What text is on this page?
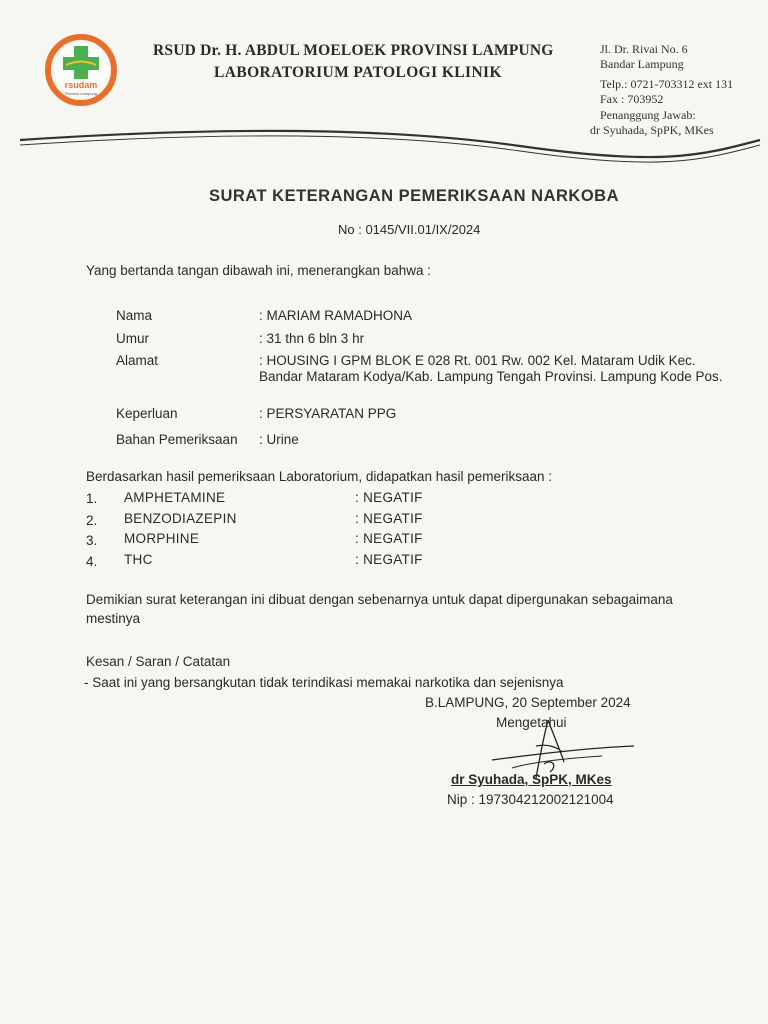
rsudam
Provinsi Lampung
RSUD Dr. H. ABDUL MOELOEK PROVINSI LAMPUNG
LABORATORIUM PATOLOGI KLINIK
Jl. Dr. Rivai No. 6
Bandar Lampung
Telp.: 0721-703312 ext 131
Fax : 703952
Penanggung Jawab:
dr Syuhada, SpPK, MKes
SURAT KETERANGAN PEMERIKSAAN NARKOBA
No : 0145/VII.01/IX/2024
Yang bertanda tangan dibawah ini, menerangkan bahwa :
Nama	: MARIAM RAMADHONA
Umur	: 31 thn 6 bln 3 hr
Alamat	: HOUSING I GPM BLOK E 028 Rt. 001 Rw. 002 Kel. Mataram Udik Kec. Bandar Mataram Kodya/Kab. Lampung Tengah Provinsi. Lampung Kode Pos.
Keperluan	: PERSYARATAN PPG
Bahan Pemeriksaan : Urine
Berdasarkan hasil pemeriksaan Laboratorium, didapatkan hasil pemeriksaan :
1. AMPHETAMINE	: NEGATIF
2. BENZODIAZEPIN	: NEGATIF
3. MORPHINE	: NEGATIF
4. THC	: NEGATIF
Demikian surat keterangan ini dibuat dengan sebenarnya untuk dapat dipergunakan sebagaimana mestinya
Kesan / Saran / Catatan
- Saat ini yang bersangkutan tidak terindikasi memakai narkotika dan sejenisnya
B.LAMPUNG, 20 September 2024
Mengetahui
dr Syuhada, SpPK, MKes
Nip : 197304212002121004
